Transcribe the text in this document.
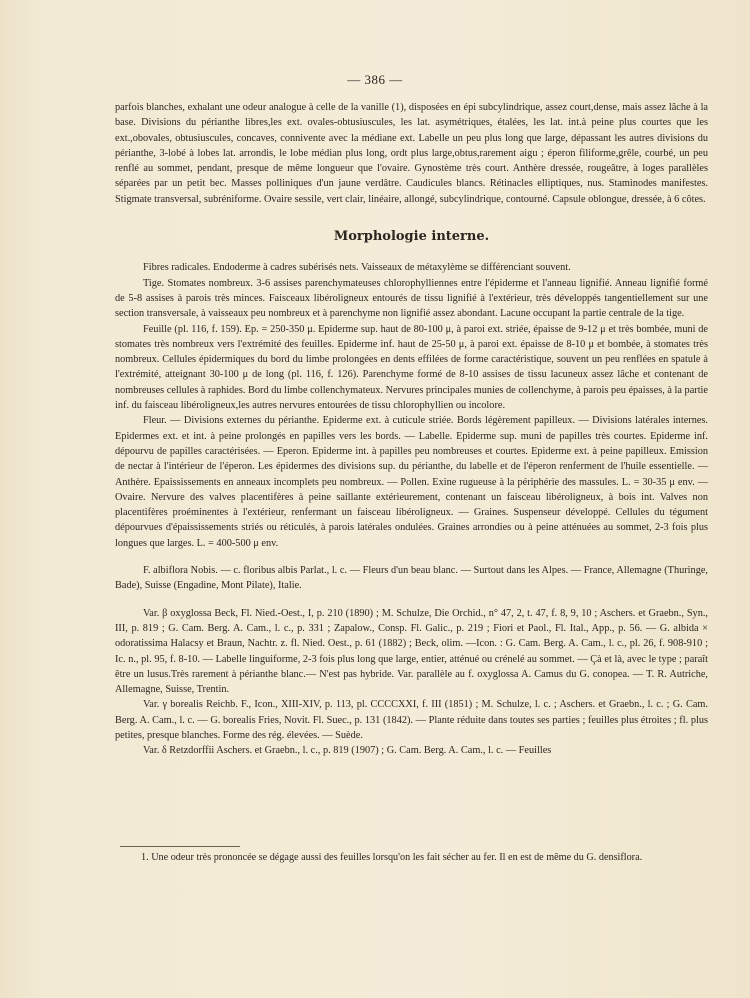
— 386 —

parfois blanches, exhalant une odeur analogue à celle de la vanille (1), disposées en épi subcylindrique, assez court,dense, mais assez lâche à la base. Divisions du périanthe libres,les ext. ovales-obtusiuscules, les lat. asymétriques, étalées, les lat. int.à peine plus courtes que les ext.,obovales, obtusiuscules, concaves, connivente avec la médiane ext. Labelle un peu plus long que large, dépassant les autres divisions du périanthe, 3-lobé à lobes lat. arrondis, le lobe médian plus long, ordt plus large,obtus,rarement aigu ; éperon filiforme,grêle, courbé, un peu renflé au sommet, pendant, presque de même longueur que l'ovaire. Gynostème très court. Anthère dressée, rougeâtre, à loges parallèles séparées par un petit bec. Masses polliniques d'un jaune verdâtre. Caudicules blancs. Rétinacles elliptiques, nus. Staminodes manifestes. Stigmate transversal, subréniforme. Ovaire sessile, vert clair, linéaire, allongé, subcylindrique, contourné. Capsule oblongue, dressée, à 6 côtes.

Morphologie interne.

Fibres radicales. Endoderme à cadres subérisés nets. Vaisseaux de métaxylème se différenciant souvent.

Tige. Stomates nombreux. 3-6 assises parenchymateuses chlorophylliennes entre l'épiderme et l'anneau lignifié. Anneau lignifié formé de 5-8 assises à parois très minces. Faisceaux libéroligneux entourés de tissu lignifié à l'extérieur, très développés tangentiellement sur une section transversale, à vaisseaux peu nombreux et à parenchyme non lignifié assez abondant. Lacune occupant la partie centrale de la tige.

Feuille (pl. 116, f. 159). Ep. = 250-350 μ. Epiderme sup. haut de 80-100 μ, à paroi ext. striée, épaisse de 9-12 μ et très bombée, muni de stomates très nombreux vers l'extrémité des feuilles. Epiderme inf. haut de 25-50 μ, à paroi ext. épaisse de 8-10 μ et bombée, à stomates très nombreux. Cellules épidermiques du bord du limbe prolongées en dents effilées de forme caractéristique, souvent un peu renflées en spatule à l'extrémité, atteignant 30-100 μ de long (pl. 116, f. 126). Parenchyme formé de 8-10 assises de tissu lacuneux assez lâche et contenant de nombreuses cellules à raphides. Bord du limbe collenchymateux. Nervures principales munies de collenchyme, à parois peu épaisses, à la partie inf. du faisceau libéroligneux,les autres nervures entourées de tissu chlorophyllien ou incolore.

Fleur. — Divisions externes du périanthe. Epiderme ext. à cuticule striée. Bords légèrement papilleux. — Divisions latérales internes. Epidermes ext. et int. à peine prolongés en papilles vers les bords. — Labelle. Epiderme sup. muni de papilles très courtes. Epiderme inf. dépourvu de papilles caractérisées. — Eperon. Epiderme int. à papilles peu nombreuses et courtes. Epiderme ext. à peine papilleux. Emission de nectar à l'intérieur de l'éperon. Les épidermes des divisions sup. du périanthe, du labelle et de l'éperon renferment de l'huile essentielle. — Anthère. Epaississements en anneaux incomplets peu nombreux. — Pollen. Exine rugueuse à la périphérie des massules. L. = 30-35 μ env. — Ovaire. Nervure des valves placentifères à peine saillante extérieurement, contenant un faisceau libéroligneux, à bois int. Valves non placentifères proéminentes à l'extérieur, renfermant un faisceau libéroligneux. — Graines. Suspenseur développé. Cellules du tégument dépourvues d'épaississements striés ou réticulés, à parois latérales ondulées. Graines arrondies ou à peine atténuées au sommet, 2-3 fois plus longues que larges. L. = 400-500 μ env.

F. albiflora Nobis. — c. floribus albis Parlat., l. c. — Fleurs d'un beau blanc. — Surtout dans les Alpes. — France, Allemagne (Thuringe, Bade), Suisse (Engadine, Mont Pilate), Italie.

Var. β oxyglossa Beck, Fl. Nied.-Oest., I, p. 210 (1890) ; M. Schulze, Die Orchid., n° 47, 2, t. 47, f. 8, 9, 10 ; Aschers. et Graebn., Syn., III, p. 819 ; G. Cam. Berg. A. Cam., l. c., p. 331 ; Zapalow., Consp. Fl. Galic., p. 219 ; Fiori et Paol., Fl. Ital., App., p. 56. — G. albida × odoratissima Halacsy et Braun, Nachtr. z. fl. Nied. Oest., p. 61 (1882) ; Beck, olim. —Icon. : G. Cam. Berg. A. Cam., l. c., pl. 26, f. 908-910 ; Ic. n., pl. 95, f. 8-10. — Labelle linguiforme, 2-3 fois plus long que large, entier, atténué ou crénelé au sommet. — Çà et là, avec le type ; paraît être un lusus.Très rarement à périanthe blanc.— N'est pas hybride. Var. parallèle au f. oxyglossa A. Camus du G. conopea. — T. R. Autriche, Allemagne, Suisse, Trentin.

Var. γ borealis Reichb. F., Icon., XIII-XIV, p. 113, pl. CCCCXXI, f. III (1851) ; M. Schulze, l. c. ; Aschers. et Graebn., l. c. ; G. Cam. Berg. A. Cam., l. c. — G. borealis Fries, Novit. Fl. Suec., p. 131 (1842). — Plante réduite dans toutes ses parties ; feuilles plus étroites ; fl. plus petites, presque blanches. Forme des rég. élevées. — Suède.

Var. δ Retzdorffii Aschers. et Graebn., l. c., p. 819 (1907) ; G. Cam. Berg. A. Cam., l. c. — Feuilles

1. Une odeur très prononcée se dégage aussi des feuilles lorsqu'on les fait sécher au fer. Il en est de même du G. densiflora.
